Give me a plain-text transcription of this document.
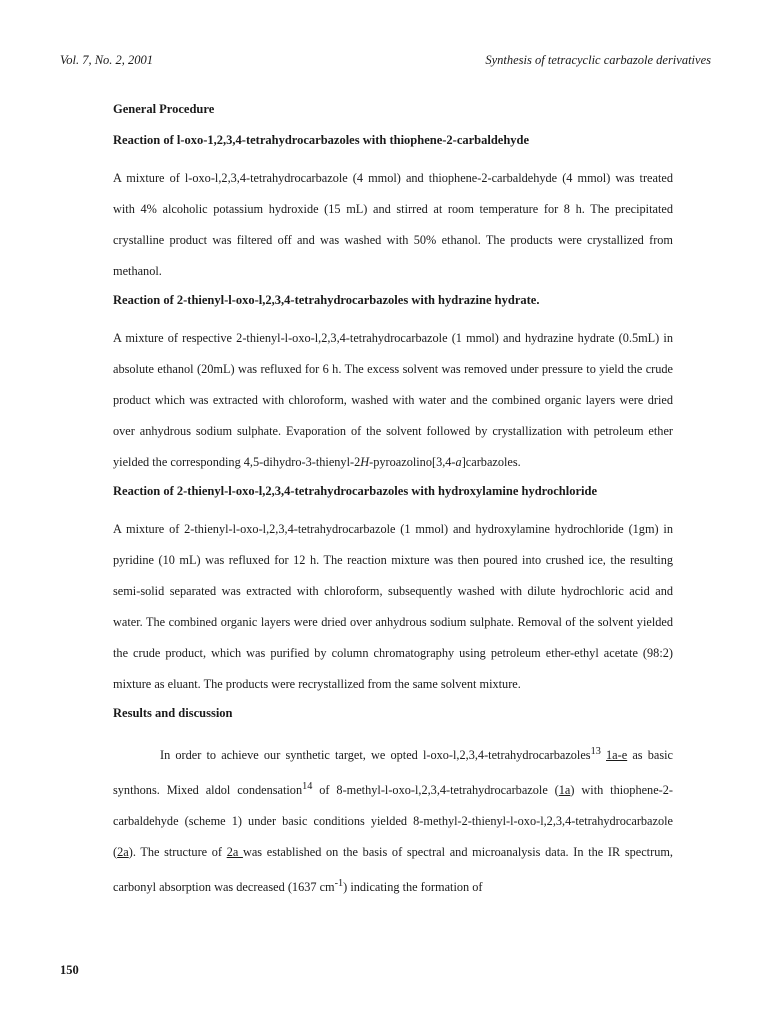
Vol. 7, No. 2, 2001	Synthesis of tetracyclic carbazole derivatives
General Procedure
Reaction of l-oxo-1,2,3,4-tetrahydrocarbazoles with thiophene-2-carbaldehyde

A mixture of l-oxo-l,2,3,4-tetrahydrocarbazole (4 mmol) and thiophene-2-carbaldehyde (4 mmol) was treated with 4% alcoholic potassium hydroxide (15 mL) and stirred at room temperature for 8 h. The precipitated crystalline product was filtered off and was washed with 50% ethanol. The products were crystallized from methanol.

Reaction of 2-thienyl-l-oxo-l,2,3,4-tetrahydrocarbazoles with hydrazine hydrate.

A mixture of respective 2-thienyl-l-oxo-l,2,3,4-tetrahydrocarbazole (1 mmol) and hydrazine hydrate (0.5mL) in absolute ethanol (20mL) was refluxed for 6 h. The excess solvent was removed under pressure to yield the crude product which was extracted with chloroform, washed with water and the combined organic layers were dried over anhydrous sodium sulphate. Evaporation of the solvent followed by crystallization with petroleum ether yielded the corresponding 4,5-dihydro-3-thienyl-2H-pyroazolino[3,4-a]carbazoles.

Reaction of 2-thienyl-l-oxo-l,2,3,4-tetrahydrocarbazoles with hydroxylamine hydrochloride

A mixture of 2-thienyl-l-oxo-l,2,3,4-tetrahydrocarbazole (1 mmol) and hydroxylamine hydrochloride (1gm) in pyridine (10 mL) was refluxed for 12 h. The reaction mixture was then poured into crushed ice, the resulting semi-solid separated was extracted with chloroform, subsequently washed with dilute hydrochloric acid and water. The combined organic layers were dried over anhydrous sodium sulphate. Removal of the solvent yielded the crude product, which was purified by column chromatography using petroleum ether-ethyl acetate (98:2) mixture as eluant. The products were recrystallized from the same solvent mixture.

Results and discussion

In order to achieve our synthetic target, we opted l-oxo-l,2,3,4-tetrahydrocarbazoles$^{13}$ 1a-e as basic synthons. Mixed aldol condensation$^{14}$ of 8-methyl-l-oxo-l,2,3,4-tetrahydrocarbazole (1a) with thiophene-2-carbaldehyde (scheme 1) under basic conditions yielded 8-methyl-2-thienyl-l-oxo-l,2,3,4-tetrahydrocarbazole (2a). The structure of 2a was established on the basis of spectral and microanalysis data. In the IR spectrum, carbonyl absorption was decreased (1637 $cm^{-1}$) indicating the formation of

150
